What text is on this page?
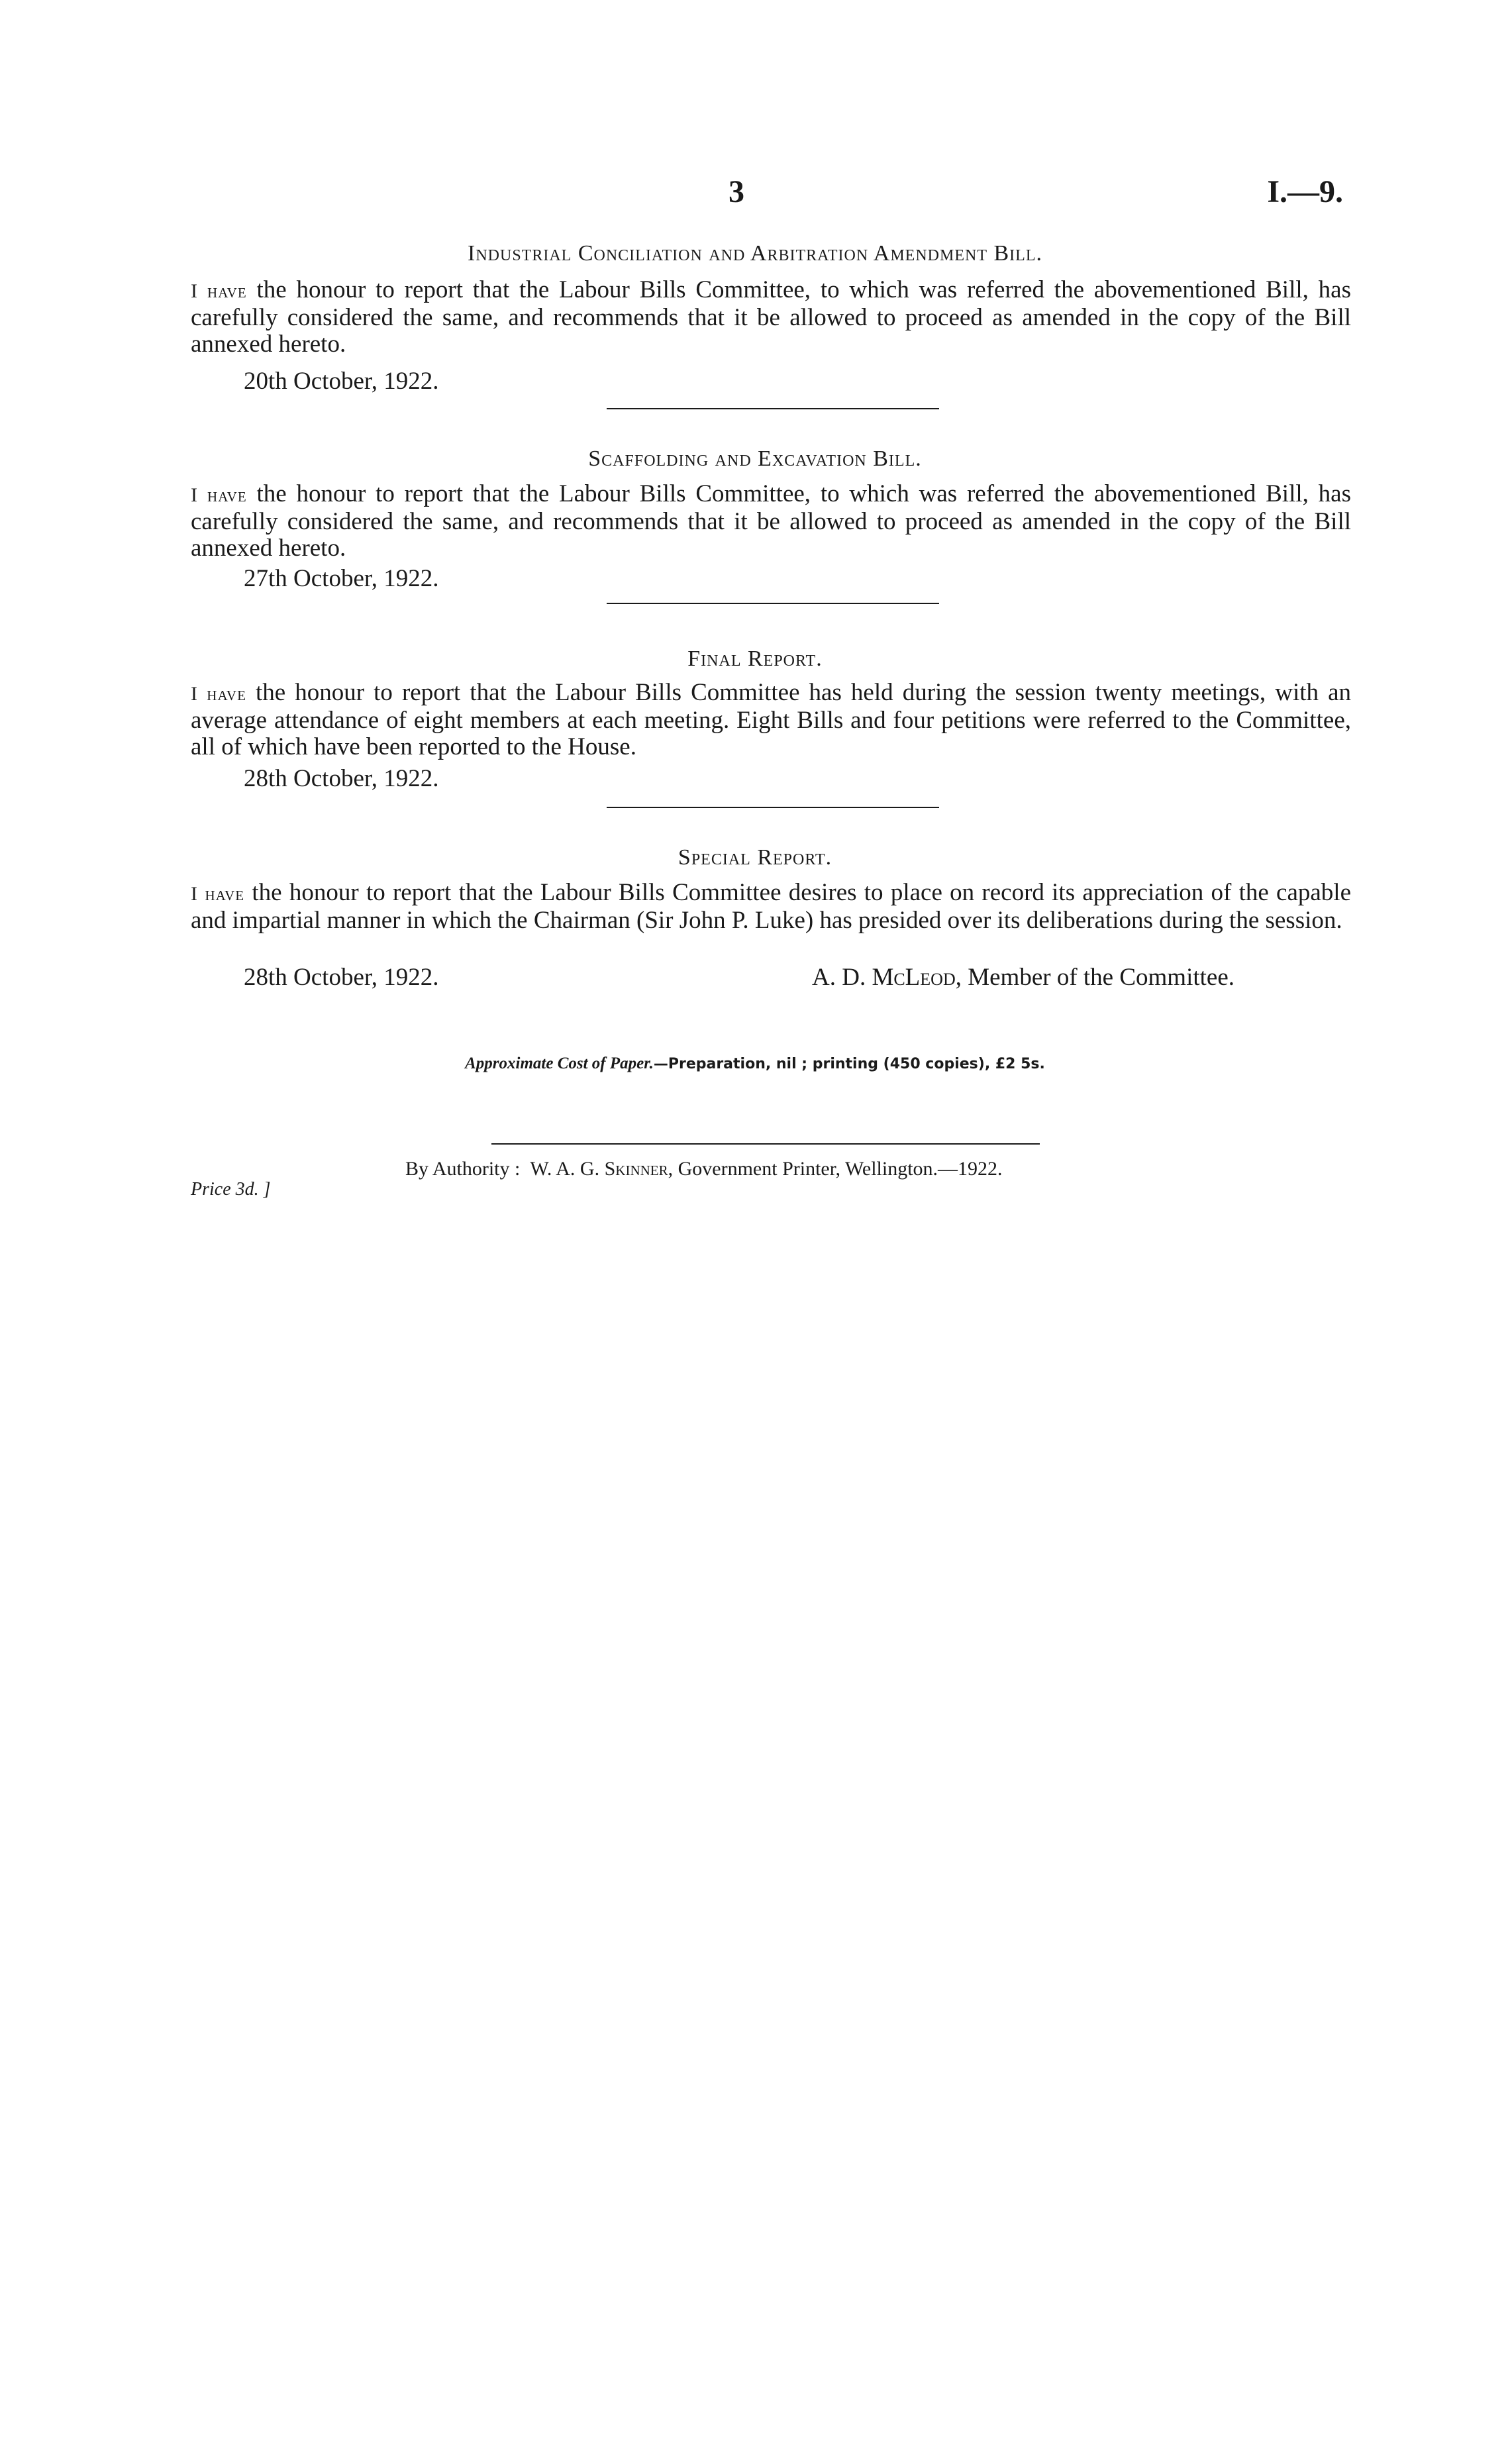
3	I.—9.
Industrial Conciliation and Arbitration Amendment Bill.
I have the honour to report that the Labour Bills Committee, to which was referred the abovementioned Bill, has carefully considered the same, and recommends that it be allowed to proceed as amended in the copy of the Bill annexed hereto.
20th October, 1922.
Scaffolding and Excavation Bill.
I have the honour to report that the Labour Bills Committee, to which was referred the abovementioned Bill, has carefully considered the same, and recommends that it be allowed to proceed as amended in the copy of the Bill annexed hereto.
27th October, 1922.
Final Report.
I have the honour to report that the Labour Bills Committee has held during the session twenty meetings, with an average attendance of eight members at each meeting. Eight Bills and four petitions were referred to the Committee, all of which have been reported to the House.
28th October, 1922.
Special Report.
I have the honour to report that the Labour Bills Committee desires to place on record its appreciation of the capable and impartial manner in which the Chairman (Sir John P. Luke) has presided over its deliberations during the session.
28th October, 1922.	A. D. McLeod, Member of the Committee.
Approximate Cost of Paper.—Preparation, nil ; printing (450 copies), £2 5s.
By Authority : W. A. G. Skinner, Government Printer, Wellington.—1922.
Price 3d. ]
